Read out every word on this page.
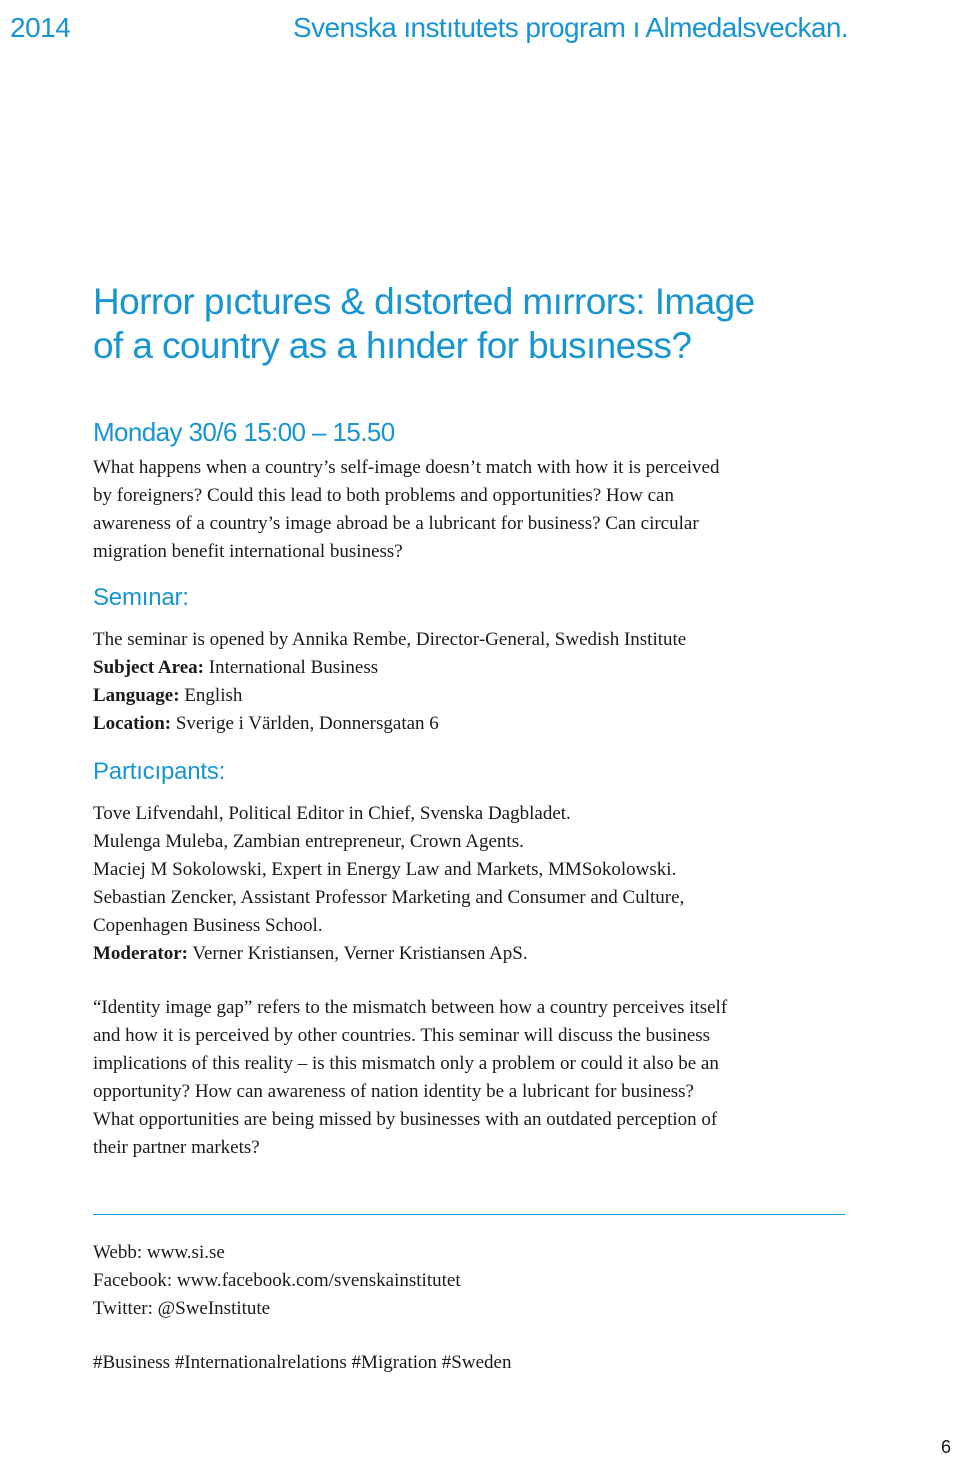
2014	Svenska ınstıtutets program ı Almedalsveckan.
Horror pıctures & dıstorted mırrors: Image
of a country as a hınder for busıness?
Monday 30/6 15:00 – 15.50

What happens when a country’s self-image doesn’t match with how it is perceived

by foreigners? Could this lead to both problems and opportunities? How can

awareness of a country’s image abroad be a lubricant for business? Can circular

migration benefit international business?

Semınar:

The seminar is opened by Annika Rembe, Director-General, Swedish Institute

Subject Area: International Business

Language: English

Location: Sverige i Världen, Donnersgatan 6

Partıcıpants:

Tove Lifvendahl, Political Editor in Chief, Svenska Dagbladet.

Mulenga Muleba, Zambian entrepreneur, Crown Agents.

Maciej M Sokolowski, Expert in Energy Law and Markets, MMSokolowski.

Sebastian Zencker, Assistant Professor Marketing and Consumer and Culture,

Copenhagen Business School.

Moderator: Verner Kristiansen, Verner Kristiansen ApS.

“Identity image gap” refers to the mismatch between how a country perceives itself

and how it is perceived by other countries. This seminar will discuss the business

implications of this reality – is this mismatch only a problem or could it also be an

opportunity? How can awareness of nation identity be a lubricant for business?

What opportunities are being missed by businesses with an outdated perception of

their partner markets?

Webb: www.si.se

Facebook: www.facebook.com/svenskainstitutet

Twitter: @SweInstitute

#Business #Internationalrelations #Migration #Sweden

6
